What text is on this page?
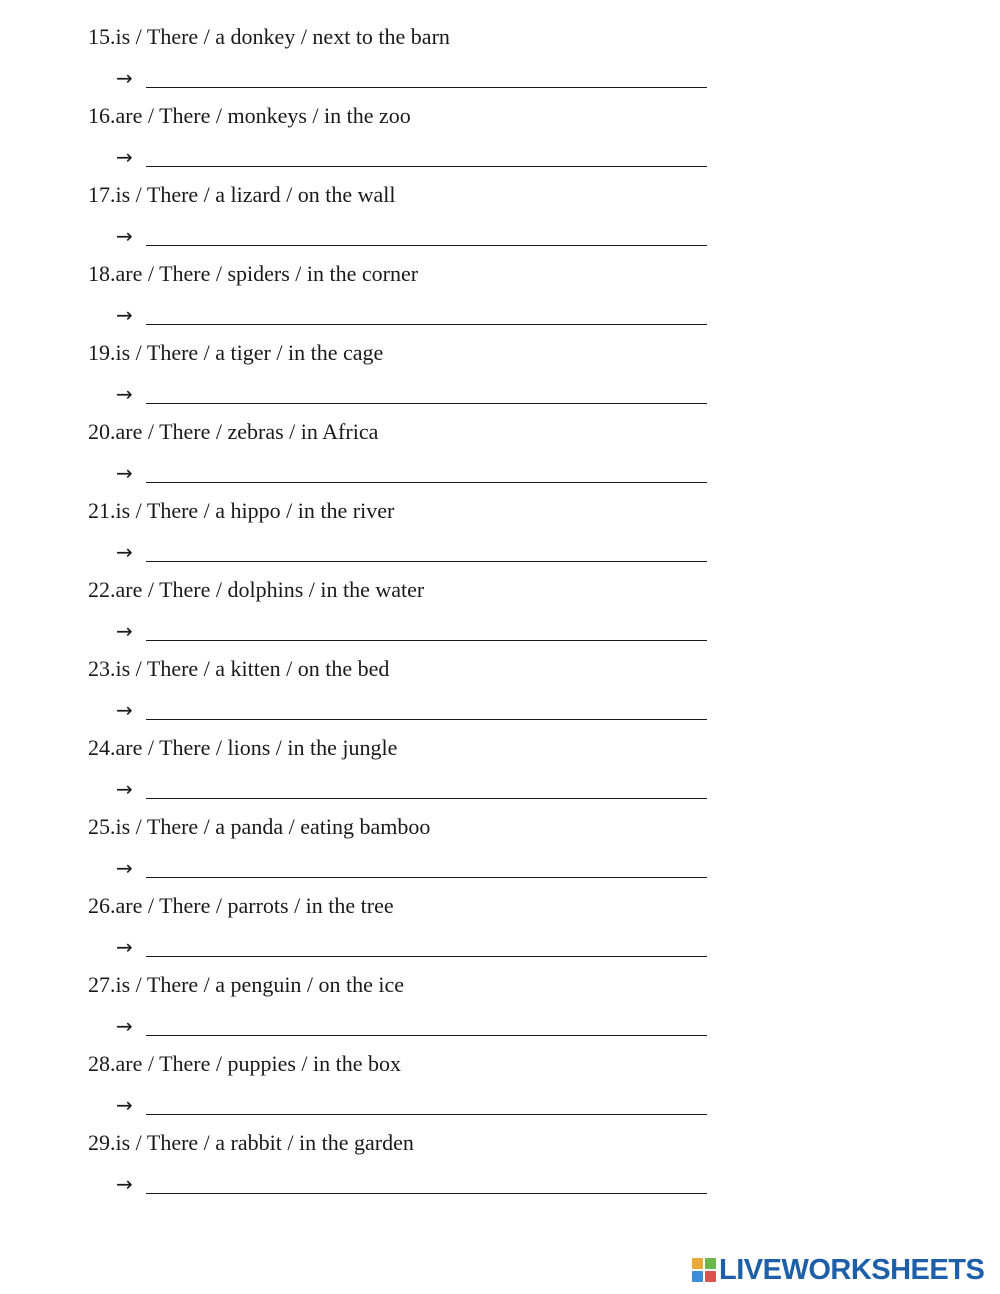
15.is / There / a donkey / next to the barn
→
16.are / There / monkeys / in the zoo
→
17.is / There / a lizard / on the wall
→
18.are / There / spiders / in the corner
→
19.is / There / a tiger / in the cage
→
20.are / There / zebras / in Africa
→
21.is / There / a hippo / in the river
→
22.are / There / dolphins / in the water
→
23.is / There / a kitten / on the bed
→
24.are / There / lions / in the jungle
→
25.is / There / a panda / eating bamboo
→
26.are / There / parrots / in the tree
→
27.is / There / a penguin / on the ice
→
28.are / There / puppies / in the box
→
29.is / There / a rabbit / in the garden
→
LIVEWORKSHEETS
